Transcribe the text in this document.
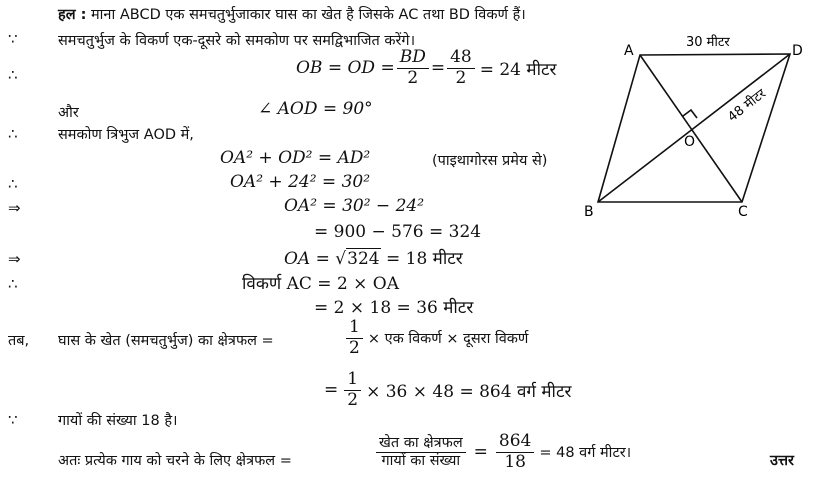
हल : माना ABCD एक समचतुर्भुजाकार घास का खेत है जिसके AC तथा BD विकर्ण हैं।
∵	समचतुर्भुज के विकर्ण एक-दूसरे को समकोण पर समद्विभाजित करेंगे।
∴	OB = OD = $\frac{BD}{2} = \frac{48}{2} = 24$ मीटर
और	∠ AOD = 90°
∴	समकोण त्रिभुज AOD में,
OA² + OD² = AD²	(पाइथागोरस प्रमेय से)
∴	OA² + 24² = 30²
⇒	OA² = 30² − 24²
= 900 − 576 = 324
⇒	OA = √324 = 18 मीटर
∴	विकर्ण AC = 2 × OA
= 2 × 18 = 36 मीटर
तब, घास के खेत (समचतुर्भुज) का क्षेत्रफल =	$\frac{1}{2}$ × एक विकर्ण × दूसरा विकर्ण
= $\frac{1}{2} \times 36 \times 48 = 864$ वर्ग मीटर
∵	गायों की संख्या 18 है।
अतः प्रत्येक गाय को चरने के लिए क्षेत्रफल =	$\frac{\text{खेत का क्षेत्रफल}}{\text{गायों का संख्या}} = \frac{864}{18} = 48$ वर्ग मीटर।	उत्तर
A	D
B	C
O
30 मीटर
48 मीटर
